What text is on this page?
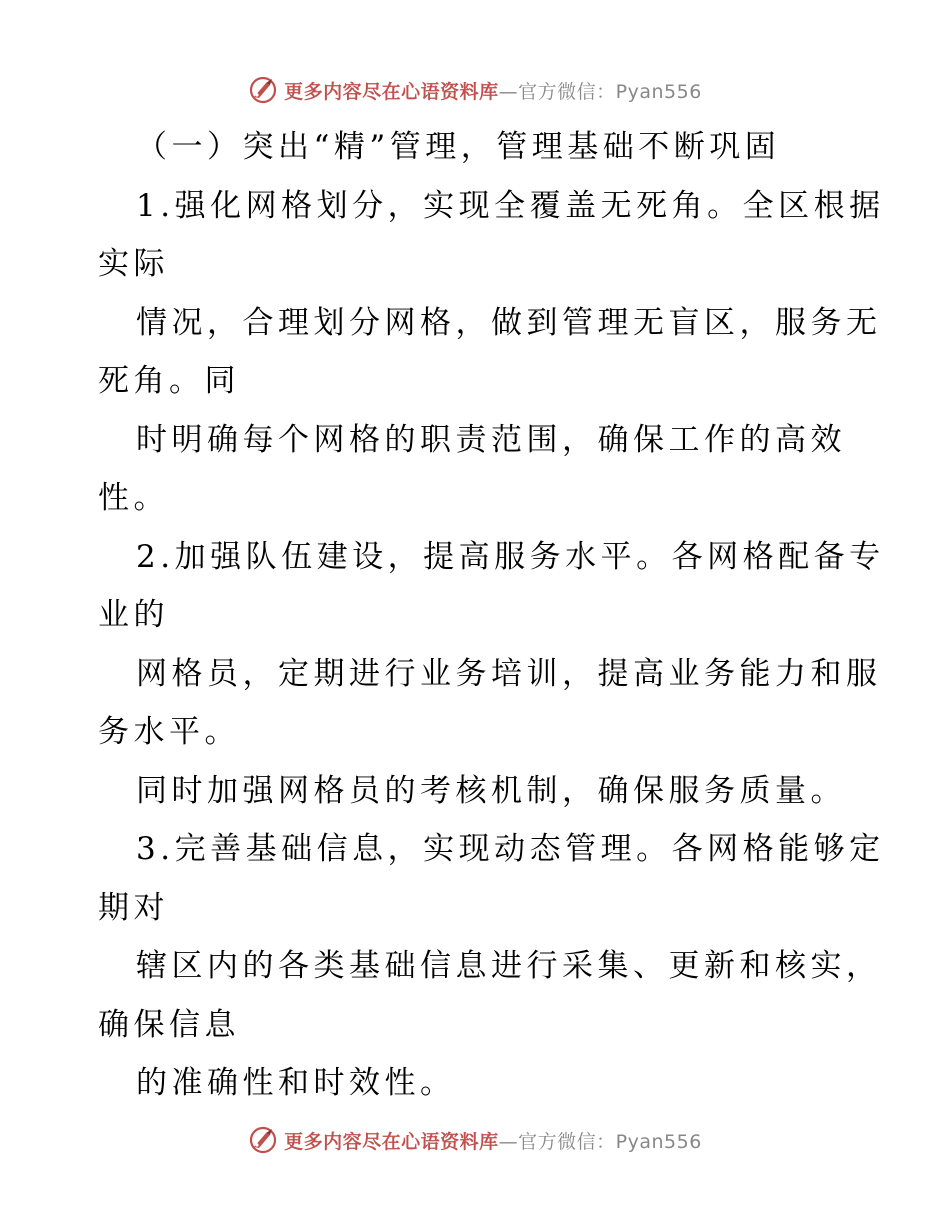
更多内容尽在心语资料库—官方微信：Pyan556
（一）突出“精”管理，管理基础不断巩固
1.强化网格划分，实现全覆盖无死角。全区根据
实际
情况，合理划分网格，做到管理无盲区，服务无
死角。同
时明确每个网格的职责范围，确保工作的高效
性。
2.加强队伍建设，提高服务水平。各网格配备专
业的
网格员，定期进行业务培训，提高业务能力和服
务水平。
同时加强网格员的考核机制，确保服务质量。
3.完善基础信息，实现动态管理。各网格能够定
期对
辖区内的各类基础信息进行采集、更新和核实，
确保信息
的准确性和时效性。
更多内容尽在心语资料库—官方微信：Pyan556
